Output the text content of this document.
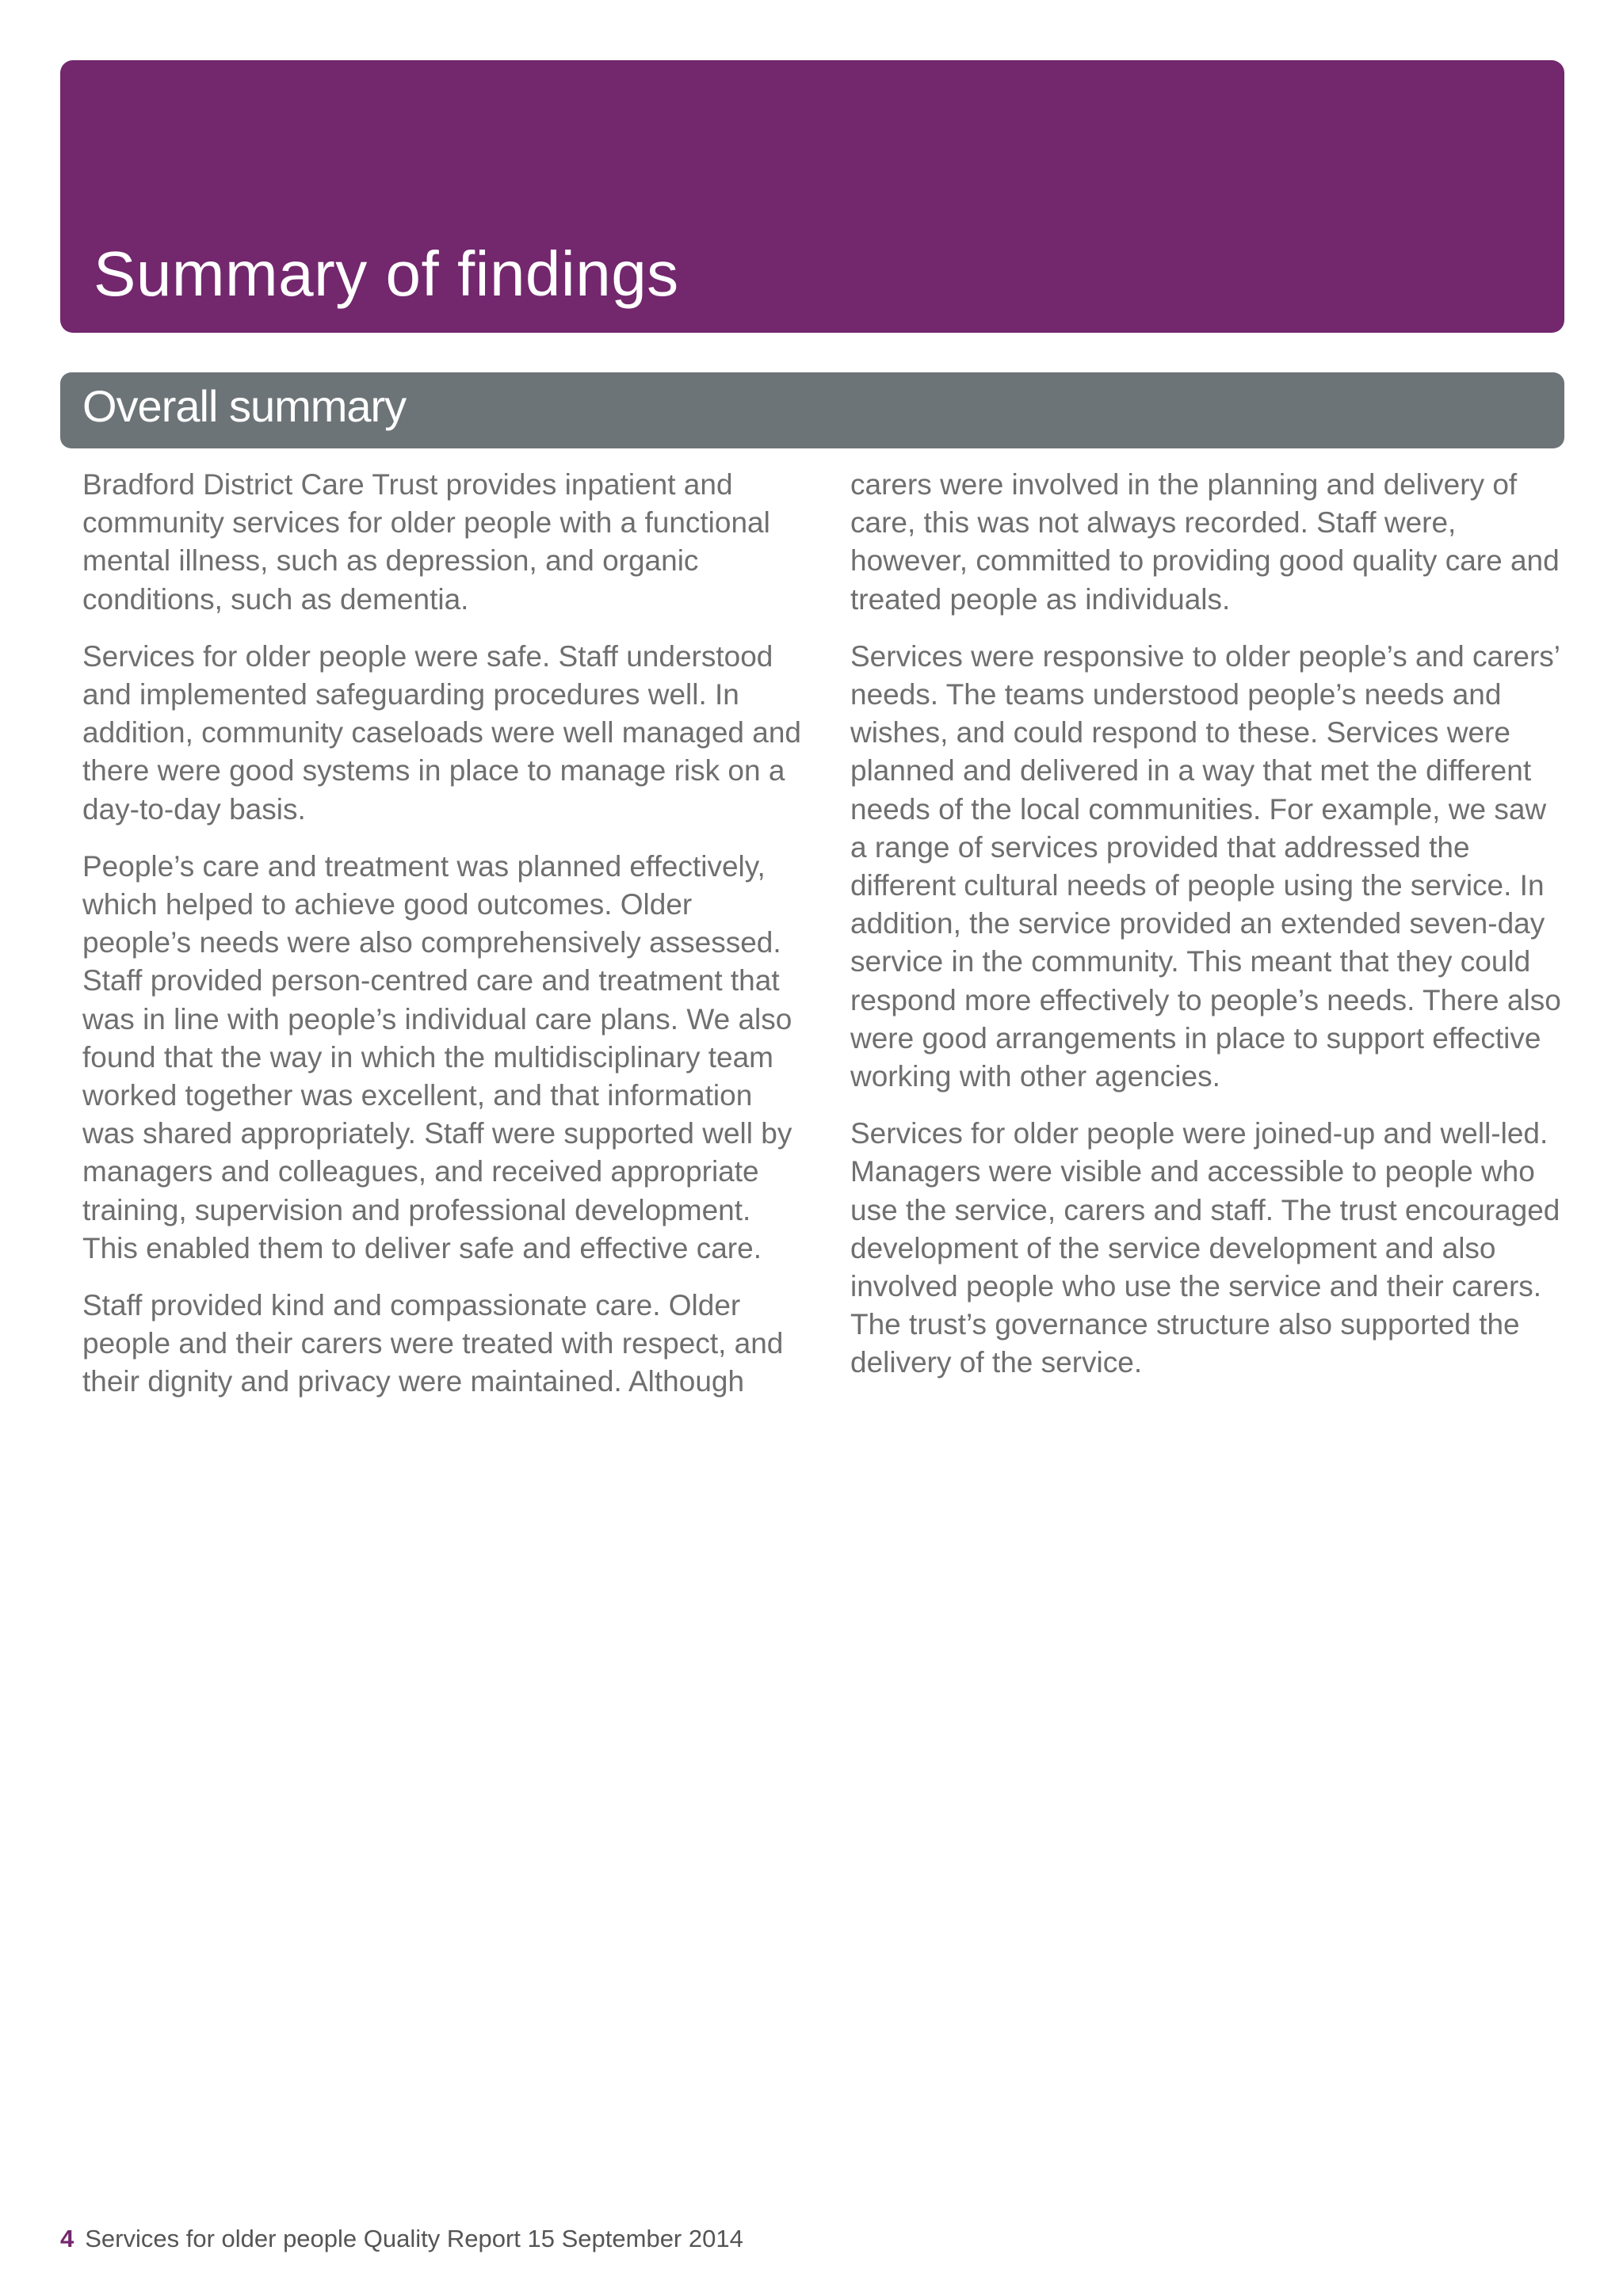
Summary of findings
Overall summary

Bradford District Care Trust provides inpatient and community services for older people with a functional mental illness, such as depression, and organic conditions, such as dementia.

Services for older people were safe. Staff understood and implemented safeguarding procedures well. In addition, community caseloads were well managed and there were good systems in place to manage risk on a day-to-day basis.

People’s care and treatment was planned effectively, which helped to achieve good outcomes. Older people’s needs were also comprehensively assessed. Staff provided person-centred care and treatment that was in line with people’s individual care plans. We also found that the way in which the multidisciplinary team worked together was excellent, and that information was shared appropriately. Staff were supported well by managers and colleagues, and received appropriate training, supervision and professional development. This enabled them to deliver safe and effective care.

Staff provided kind and compassionate care. Older people and their carers were treated with respect, and their dignity and privacy were maintained. Although

carers were involved in the planning and delivery of care, this was not always recorded. Staff were, however, committed to providing good quality care and treated people as individuals.

Services were responsive to older people’s and carers’ needs. The teams understood people’s needs and wishes, and could respond to these. Services were planned and delivered in a way that met the different needs of the local communities. For example, we saw a range of services provided that addressed the different cultural needs of people using the service. In addition, the service provided an extended seven-day service in the community. This meant that they could respond more effectively to people’s needs. There also were good arrangements in place to support effective working with other agencies.

Services for older people were joined-up and well-led. Managers were visible and accessible to people who use the service, carers and staff. The trust encouraged development of the service development and also involved people who use the service and their carers. The trust’s governance structure also supported the delivery of the service.

4 Services for older people Quality Report 15 September 2014
